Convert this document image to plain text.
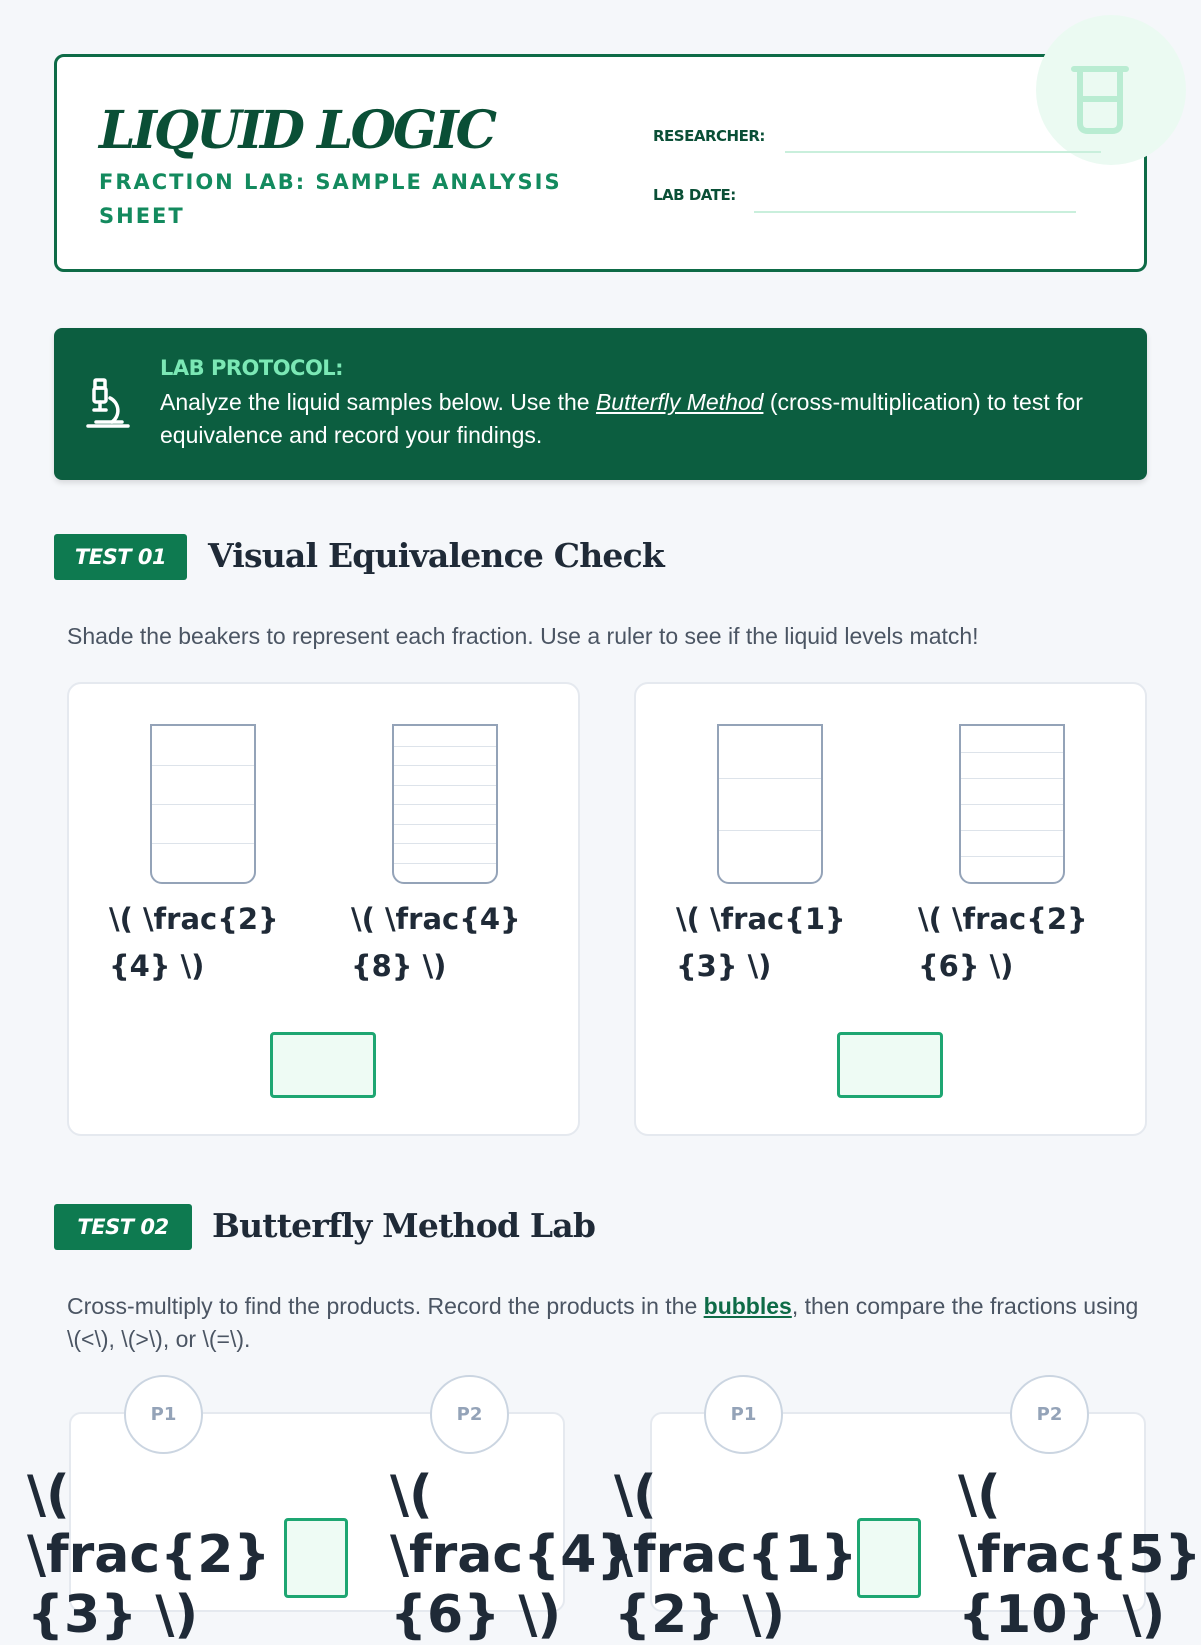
LIQUID LOGIC
FRACTION LAB: SAMPLE ANALYSIS SHEET
RESEARCHER:
LAB DATE:
LAB PROTOCOL:
Analyze the liquid samples below. Use the Butterfly Method (cross-multiplication) to test for equivalence and record your findings.
TEST 01	Visual Equivalence Check
Shade the beakers to represent each fraction. Use a ruler to see if the liquid levels match!
\( \frac{2}{4} \)
\( \frac{4}{8} \)
\( \frac{1}{3} \)
\( \frac{2}{6} \)
TEST 02	Butterfly Method Lab
Cross-multiply to find the products. Record the products in the bubbles, then compare the fractions using \(<\), \(>\), or \(=\).
P1	P2	P1	P2
\(
\frac{2}
{3} \)
\(
\frac{4}
{6} \)
\(
\frac{1}
{2} \)
\(
\frac{5}
{10} \)
